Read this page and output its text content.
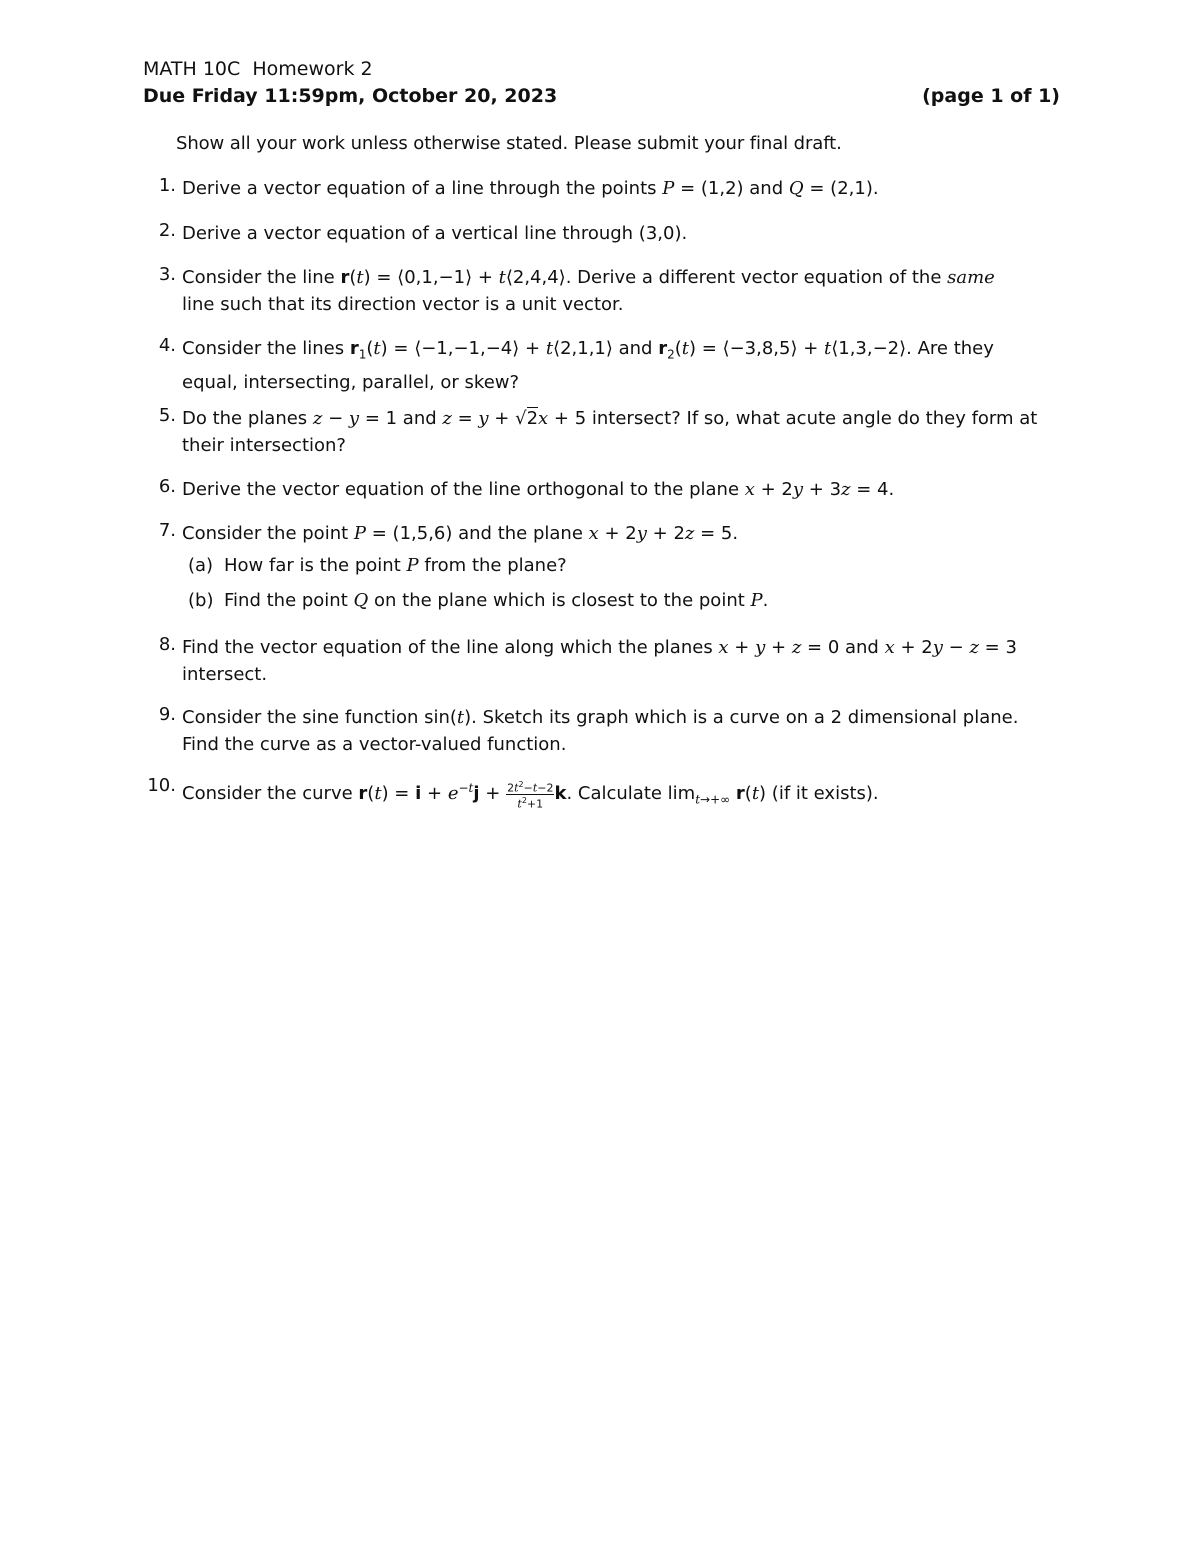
MATH 10C  Homework 2
Due Friday 11:59pm, October 20, 2023	(page 1 of 1)
Show all your work unless otherwise stated. Please submit your final draft.
1. Derive a vector equation of a line through the points P = (1,2) and Q = (2,1).
2. Derive a vector equation of a vertical line through (3,0).
3. Consider the line r(t) = ⟨0,1,−1⟩ + t⟨2,4,4⟩. Derive a different vector equation of the same
line such that its direction vector is a unit vector.
4. Consider the lines $r_1(t)$ = ⟨−1,−1,−4⟩ + t⟨2,1,1⟩ and $r_2(t)$ = ⟨−3,8,5⟩ + t⟨1,3,−2⟩. Are they
equal, intersecting, parallel, or skew?
5. Do the planes z − y = 1 and z = y + √2x + 5 intersect? If so, what acute angle do they form at
their intersection?
6. Derive the vector equation of the line orthogonal to the plane x + 2y + 3z = 4.
7. Consider the point P = (1,5,6) and the plane x + 2y + 2z = 5.
(a) How far is the point P from the plane?
(b) Find the point Q on the plane which is closest to the point P.
8. Find the vector equation of the line along which the planes x + y + z = 0 and x + 2y − z = 3
intersect.
9. Consider the sine function sin(t). Sketch its graph which is a curve on a 2 dimensional plane.
Find the curve as a vector-valued function.
10. Consider the curve $r(t) = i + e^{-t}j + \frac{2t^2-t-2}{t^2+1} k$. Calculate $\lim_{t\to+\infty} r(t)$ (if it exists).
